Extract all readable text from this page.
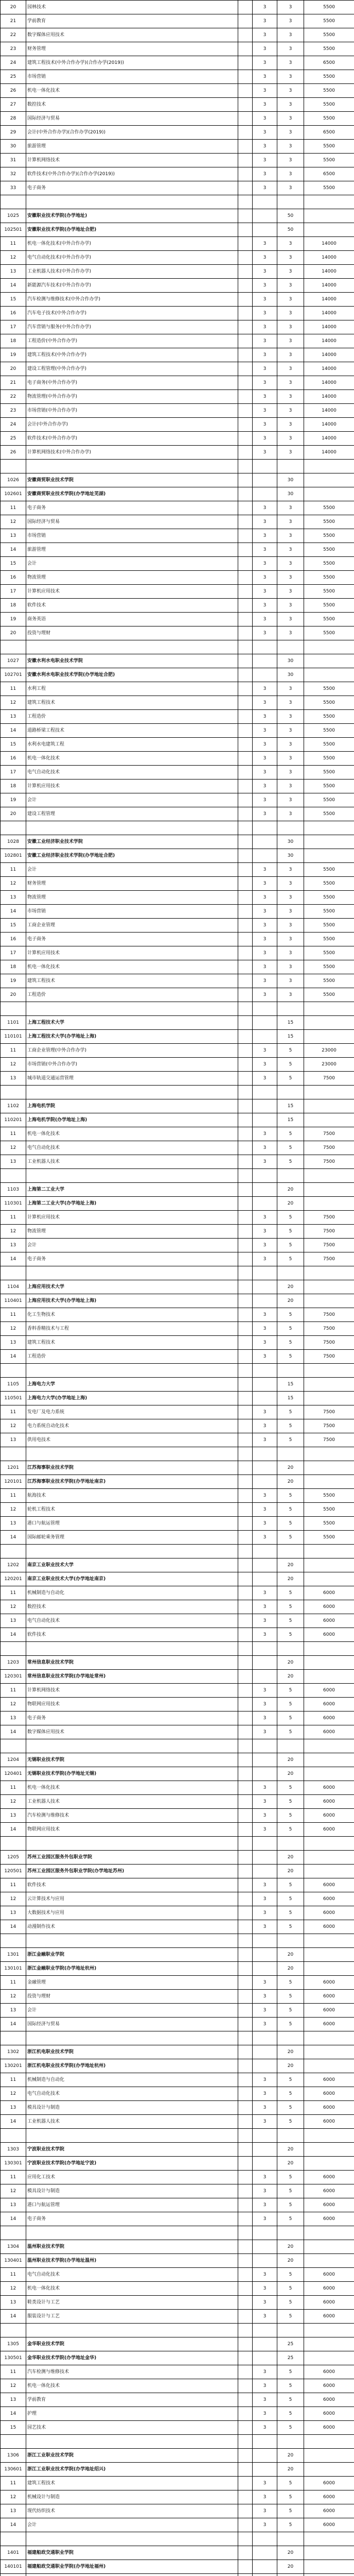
20	园林技术		3	3	5500
21	学前教育		3	3	5500
22	数字媒体应用技术		3	3	5500
23	财务管理		3	3	5500
24	建筑工程技术(中外合作办学)(合作办学(2019))		3	3	6500
25	市场营销		3	3	5500
26	机电一体化技术		3	3	5500
27	数控技术		3	3	5500
28	国际经济与贸易		3	3	5500
29	会计(中外合作办学)(合作办学(2019))		3	3	6500
30	旅游管理		3	3	5500
31	计算机网络技术		3	3	5500
32	软件技术(中外合作办学)(合作办学(2019))		3	3	6500
33	电子商务		3	3	5500

1025	安徽职业技术学院(办学地址)			50	
102501	安徽职业技术学院(办学地址合肥)			50	
11	机电一体化技术(中外合作办学)		3	3	14000
12	电气自动化技术(中外合作办学)		3	3	14000
13	工业机器人技术(中外合作办学)		3	3	14000
14	新能源汽车技术(中外合作办学)		3	3	14000
15	汽车检测与维修技术(中外合作办学)		3	3	14000
16	汽车电子技术(中外合作办学)		3	3	14000
17	汽车营销与服务(中外合作办学)		3	3	14000
18	工程造价(中外合作办学)		3	3	14000
19	建筑工程技术(中外合作办学)		3	3	14000
20	建设工程管理(中外合作办学)		3	3	14000
21	电子商务(中外合作办学)		3	3	14000
22	物流管理(中外合作办学)		3	3	14000
23	市场营销(中外合作办学)		3	3	14000
24	会计(中外合作办学)		3	3	14000
25	软件技术(中外合作办学)		3	3	14000
26	计算机网络技术(中外合作办学)		3	3	14000

1026	安徽商贸职业技术学院			30	
102601	安徽商贸职业技术学院(办学地址芜湖)			30	
11	电子商务		3	3	5500
12	国际经济与贸易		3	3	5500
13	市场营销		3	3	5500
14	旅游管理		3	3	5500
15	会计		3	3	5500
16	物流管理		3	3	5500
17	计算机应用技术		3	3	5500
18	软件技术		3	3	5500
19	商务英语		3	3	5500
20	投资与理财		3	3	5500

1027	安徽水利水电职业技术学院			30	
102701	安徽水利水电职业技术学院(办学地址合肥)			30	
11	水利工程		3	3	5500
12	建筑工程技术		3	3	5500
13	工程造价		3	3	5500
14	道路桥梁工程技术		3	3	5500
15	水利水电建筑工程		3	3	5500
16	机电一体化技术		3	3	5500
17	电气自动化技术		3	3	5500
18	计算机应用技术		3	3	5500
19	会计		3	3	5500
20	建设工程管理		3	3	5500

1028	安徽工业经济职业技术学院			30	
102801	安徽工业经济职业技术学院(办学地址合肥)			30	
11	会计		3	3	5500
12	财务管理		3	3	5500
13	物流管理		3	3	5500
14	市场营销		3	3	5500
15	工商企业管理		3	3	5500
16	电子商务		3	3	5500
17	计算机应用技术		3	3	5500
18	机电一体化技术		3	3	5500
19	建筑工程技术		3	3	5500
20	工程造价		3	3	5500

1101	上海工程技术大学			15	
110101	上海工程技术大学(办学地址上海)			15	
11	工商企业管理(中外合作办学)		3	5	23000
12	市场营销(中外合作办学)		3	5	23000
13	城市轨道交通运营管理		3	5	7500

1102	上海电机学院			15	
110201	上海电机学院(办学地址上海)			15	
11	机电一体化技术		3	5	7500
12	电气自动化技术		3	5	7500
13	工业机器人技术		3	5	7500

1103	上海第二工业大学			20	
110301	上海第二工业大学(办学地址上海)			20	
11	计算机应用技术		3	5	7500
12	物流管理		3	5	7500
13	会计		3	5	7500
14	电子商务		3	5	7500

1104	上海应用技术大学			20	
110401	上海应用技术大学(办学地址上海)			20	
11	化工生物技术		3	5	7500
12	香料香精技术与工程		3	5	7500
13	建筑工程技术		3	5	7500
14	工程造价		3	5	7500

1105	上海电力大学			15	
110501	上海电力大学(办学地址上海)			15	
11	发电厂及电力系统		3	5	7500
12	电力系统自动化技术		3	5	7500
13	供用电技术		3	5	7500

1201	江苏海事职业技术学院			20	
120101	江苏海事职业技术学院(办学地址南京)			20	
11	航海技术		3	5	5500
12	轮机工程技术		3	5	5500
13	港口与航运管理		3	5	5500
14	国际邮轮乘务管理		3	5	5500

1202	南京工业职业技术大学			20	
120201	南京工业职业技术大学(办学地址南京)			20	
11	机械制造与自动化		3	5	6000
12	数控技术		3	5	6000
13	电气自动化技术		3	5	6000
14	软件技术		3	5	6000

1203	常州信息职业技术学院			20	
120301	常州信息职业技术学院(办学地址常州)			20	
11	计算机网络技术		3	5	6000
12	物联网应用技术		3	5	6000
13	电子商务		3	5	6000
14	数字媒体应用技术		3	5	6000

1204	无锡职业技术学院			20	
120401	无锡职业技术学院(办学地址无锡)			20	
11	机电一体化技术		3	5	6000
12	工业机器人技术		3	5	6000
13	汽车检测与维修技术		3	5	6000
14	物联网应用技术		3	5	6000

1205	苏州工业园区服务外包职业学院			20	
120501	苏州工业园区服务外包职业学院(办学地址苏州)			20	
11	软件技术		3	5	6000
12	云计算技术与应用		3	5	6000
13	大数据技术与应用		3	5	6000
14	动漫制作技术		3	5	6000

1301	浙江金融职业学院			20	
130101	浙江金融职业学院(办学地址杭州)			20	
11	金融管理		3	5	6000
12	投资与理财		3	5	6000
13	会计		3	5	6000
14	国际经济与贸易		3	5	6000

1302	浙江机电职业技术学院			20	
130201	浙江机电职业技术学院(办学地址杭州)			20	
11	机械制造与自动化		3	5	6000
12	电气自动化技术		3	5	6000
13	模具设计与制造		3	5	6000
14	工业机器人技术		3	5	6000

1303	宁波职业技术学院			20	
130301	宁波职业技术学院(办学地址宁波)			20	
11	应用化工技术		3	5	6000
12	模具设计与制造		3	5	6000
13	港口与航运管理		3	5	6000
14	电子商务		3	5	6000

1304	温州职业技术学院			20	
130401	温州职业技术学院(办学地址温州)			20	
11	电气自动化技术		3	5	6000
12	机电一体化技术		3	5	6000
13	鞋类设计与工艺		3	5	6000
14	服装设计与工艺		3	5	6000

1305	金华职业技术学院			25	
130501	金华职业技术学院(办学地址金华)			25	
11	汽车检测与维修技术		3	5	6000
12	机电一体化技术		3	5	6000
13	学前教育		3	5	6000
14	护理		3	5	6000
15	园艺技术		3	5	6000

1306	浙江工业职业技术学院			20	
130601	浙江工业职业技术学院(办学地址绍兴)			20	
11	建筑工程技术		3	5	6000
12	机械设计与制造		3	5	6000
13	现代纺织技术		3	5	6000
14	会计		3	5	6000

1401	福建船政交通职业学院			20	
140101	福建船政交通职业学院(办学地址福州)			20	
